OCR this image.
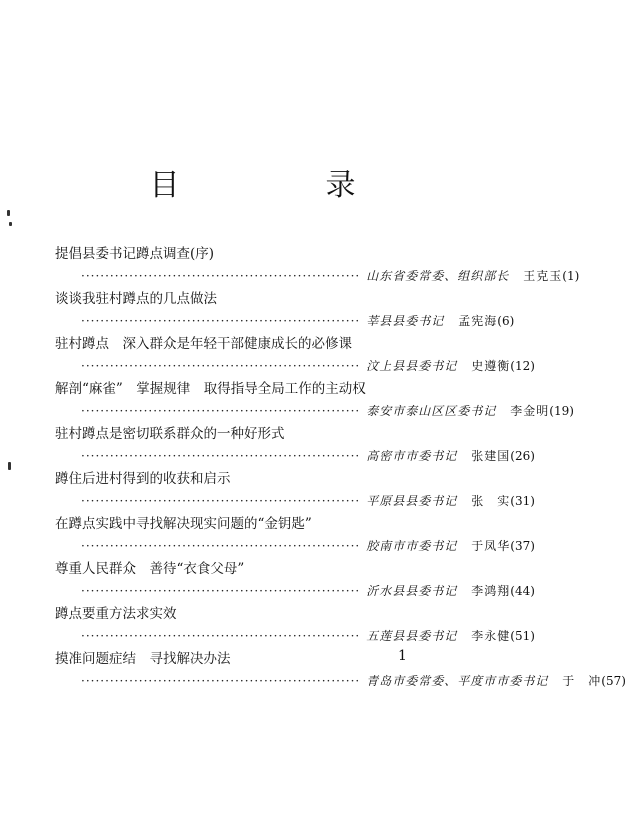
目　录
提倡县委书记蹲点调查(序)
·························································· 山东省委常委、组织部长	王克玉 (1)
谈谈我驻村蹲点的几点做法
·························································· 莘县县委书记	孟宪海 (6)
驻村蹲点　深入群众是年轻干部健康成长的必修课
·························································· 汶上县县委书记	史遵衡 (12)
解剖“麻雀”　掌握规律　取得指导全局工作的主动权
·························································· 泰安市泰山区区委书记	李金明 (19)
驻村蹲点是密切联系群众的一种好形式
·························································· 高密市市委书记	张建国 (26)
蹲住后进村得到的收获和启示
·························································· 平原县县委书记	张　实 (31)
在蹲点实践中寻找解决现实问题的“金钥匙”
·························································· 胶南市市委书记	于凤华 (37)
尊重人民群众　善待“衣食父母”
·························································· 沂水县县委书记	李鸿翔 (44)
蹲点要重方法求实效
·························································· 五莲县县委书记	李永健 (51)
摸准问题症结　寻找解决办法
·························································· 青岛市委常委、平度市市委书记	于　冲 (57)
1
